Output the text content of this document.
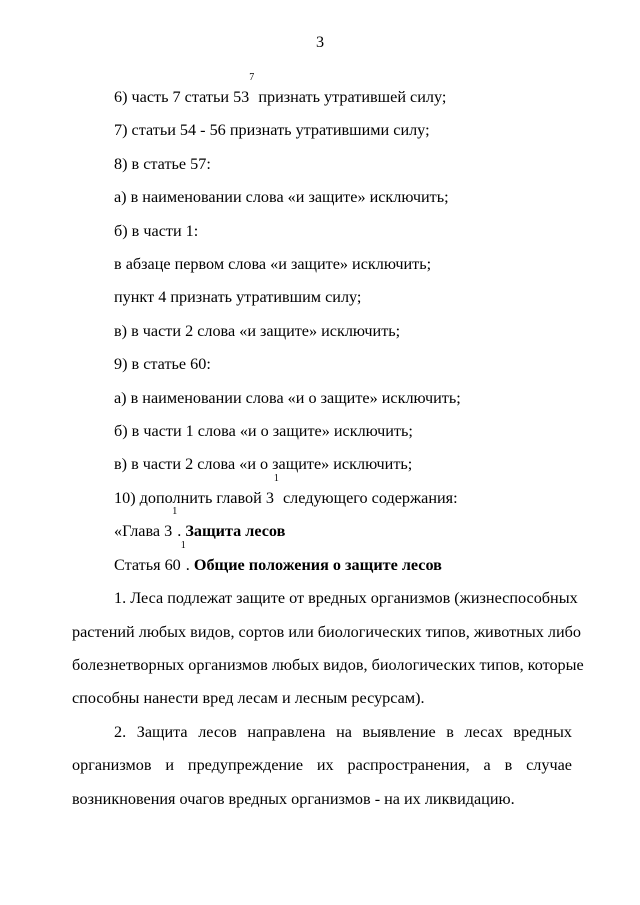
3
6) часть 7 статьи $53^7$ признать утратившей силу;
7) статьи 54 - 56 признать утратившими силу;
8) в статье 57:
а) в наименовании слова «и защите» исключить;
б) в части 1:
в абзаце первом слова «и защите» исключить;
пункт 4 признать утратившим силу;
в) в части 2 слова «и защите» исключить;
9) в статье 60:
а) в наименовании слова «и о защите» исключить;
б) в части 1 слова «и о защите» исключить;
в) в части 2 слова «и о защите» исключить;
10) дополнить главой $3^1$ следующего содержания:
«Глава $3^1$. Защита лесов
Статья $60^1$. Общие положения о защите лесов
1. Леса подлежат защите от вредных организмов (жизнеспособных
растений любых видов, сортов или биологических типов, животных либо
болезнетворных организмов любых видов, биологических типов, которые
способны нанести вред лесам и лесным ресурсам).
2. Защита лесов направлена на выявление в лесах вредных
организмов и предупреждение их распространения, а в случае
возникновения очагов вредных организмов - на их ликвидацию.
